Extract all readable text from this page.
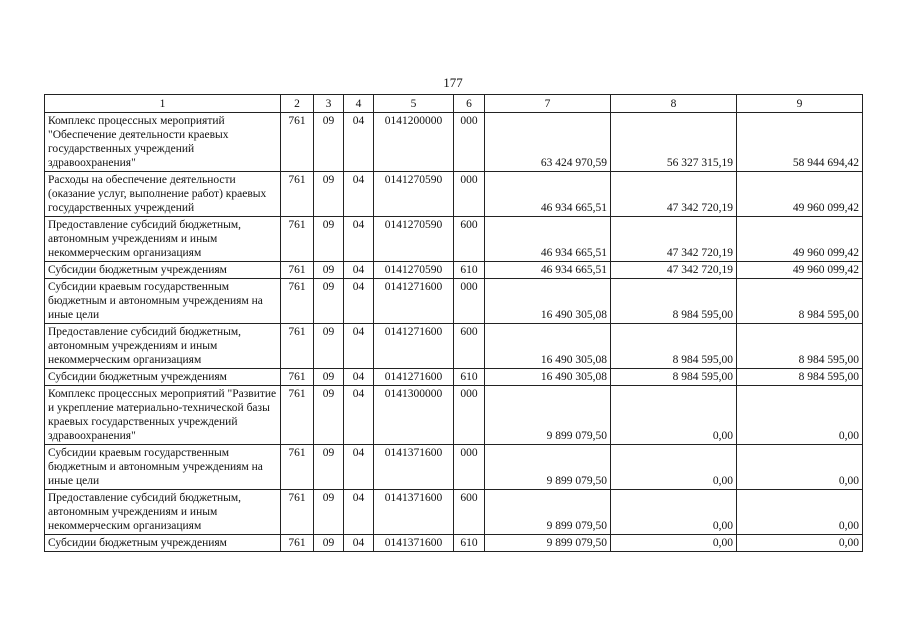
177
1	2	3	4	5	6	7	8	9
Комплекс процессных мероприятий "Обеспечение деятельности краевых государственных учреждений здравоохранения"	761	09	04	0141200000	000	63 424 970,59	56 327 315,19	58 944 694,42
Расходы на обеспечение деятельности (оказание услуг, выполнение работ) краевых государственных учреждений	761	09	04	0141270590	000	46 934 665,51	47 342 720,19	49 960 099,42
Предоставление субсидий бюджетным, автономным учреждениям и иным некоммерческим организациям	761	09	04	0141270590	600	46 934 665,51	47 342 720,19	49 960 099,42
Субсидии бюджетным учреждениям	761	09	04	0141270590	610	46 934 665,51	47 342 720,19	49 960 099,42
Субсидии краевым государственным бюджетным и автономным учреждениям на иные цели	761	09	04	0141271600	000	16 490 305,08	8 984 595,00	8 984 595,00
Предоставление субсидий бюджетным, автономным учреждениям и иным некоммерческим организациям	761	09	04	0141271600	600	16 490 305,08	8 984 595,00	8 984 595,00
Субсидии бюджетным учреждениям	761	09	04	0141271600	610	16 490 305,08	8 984 595,00	8 984 595,00
Комплекс процессных мероприятий "Развитие и укрепление материально-технической базы краевых государственных учреждений здравоохранения"	761	09	04	0141300000	000	9 899 079,50	0,00	0,00
Субсидии краевым государственным бюджетным и автономным учреждениям на иные цели	761	09	04	0141371600	000	9 899 079,50	0,00	0,00
Предоставление субсидий бюджетным, автономным учреждениям и иным некоммерческим организациям	761	09	04	0141371600	600	9 899 079,50	0,00	0,00
Субсидии бюджетным учреждениям	761	09	04	0141371600	610	9 899 079,50	0,00	0,00
